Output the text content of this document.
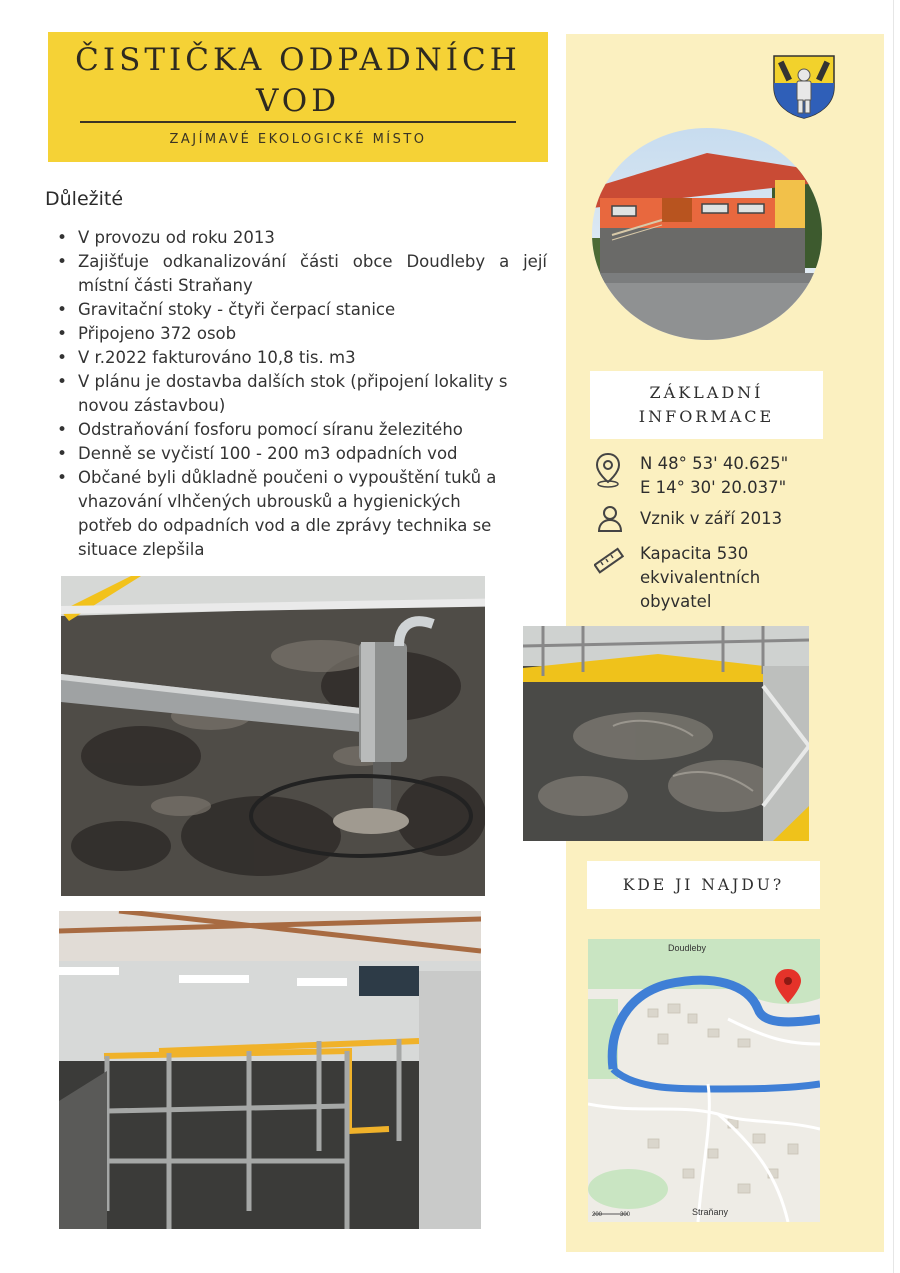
ČISTIČKA ODPADNÍCH
VOD
ZAJÍMAVÉ EKOLOGICKÉ MÍSTO
Důležité
• V provozu od roku 2013
• Zajišťuje odkanalizování části obce Doudleby a její místní části Straňany
• Gravitační stoky - čtyři čerpací stanice
• Připojeno 372 osob
• V r.2022 fakturováno 10,8 tis. m3
• V plánu je dostavba dalších stok (připojení lokality s novou zástavbou)
• Odstraňování fosforu pomocí síranu železitého
• Denně se vyčistí 100 - 200 m3 odpadních vod
• Občané byli důkladně poučeni o vypouštění tuků a vhazování vlhčených ubrousků a hygienických potřeb do odpadních vod a dle zprávy technika se situace zlepšila
ZÁKLADNÍ
INFORMACE
N 48° 53' 40.625"
E 14° 30' 20.037"
Vznik v září 2013
Kapacita 530
ekvivalentních
obyvatel
KDE JI NAJDU?
Doudleby
Straňany
200	300
